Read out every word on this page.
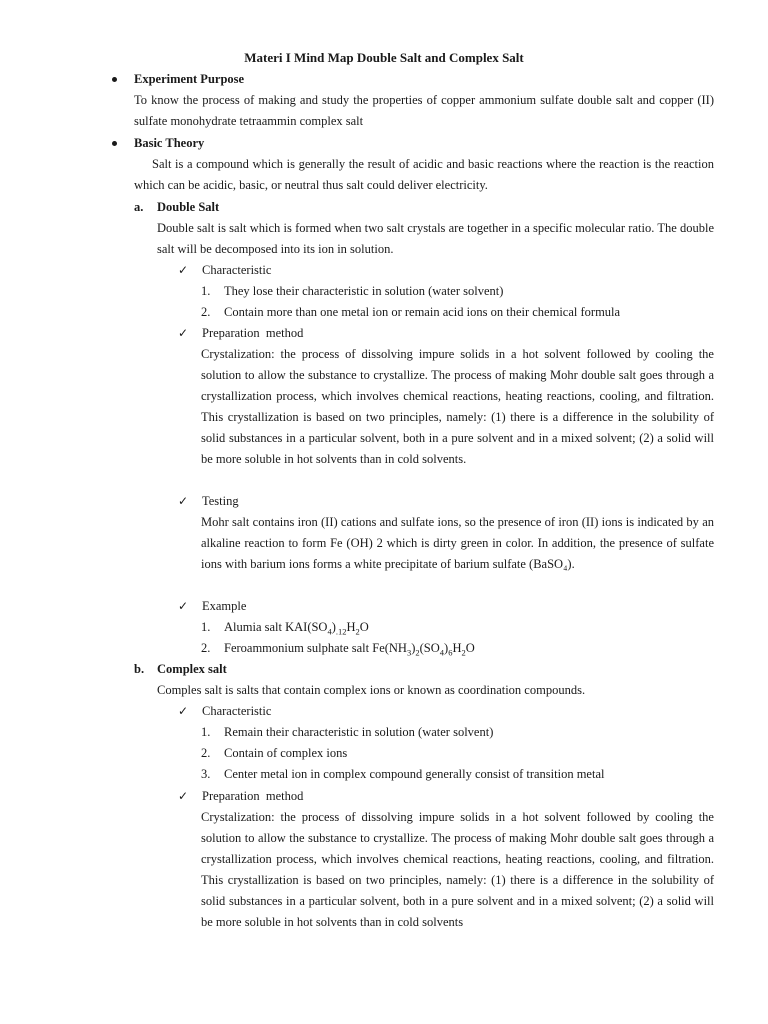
Materi I Mind Map Double Salt and Complex Salt
Experiment Purpose
To know the process of making and study the properties of copper ammonium sulfate double salt and copper (II) sulfate monohydrate tetraammin complex salt
Basic Theory
Salt is a compound which is generally the result of acidic and basic reactions where the reaction is the reaction which can be acidic, basic, or neutral thus salt could deliver electricity.
a. Double Salt
Double salt is salt which is formed when two salt crystals are together in a specific molecular ratio. The double salt will be decomposed into its ion in solution.
✓ Characteristic
1. They lose their characteristic in solution (water solvent)
2. Contain more than one metal ion or remain acid ions on their chemical formula
✓ Preparation  method
Crystalization: the process of dissolving impure solids in a hot solvent followed by cooling the solution to allow the substance to crystallize. The process of making Mohr double salt goes through a crystallization process, which involves chemical reactions, heating reactions, cooling, and filtration. This crystallization is based on two principles, namely: (1) there is a difference in the solubility of solid substances in a particular solvent, both in a pure solvent and in a mixed solvent; (2) a solid will be more soluble in hot solvents than in cold solvents.
✓ Testing
Mohr salt contains iron (II) cations and sulfate ions, so the presence of iron (II) ions is indicated by an alkaline reaction to form Fe (OH) 2 which is dirty green in color. In addition, the presence of sulfate ions with barium ions forms a white precipitate of barium sulfate (BaSO₄).
✓ Example
1. Alumia salt $KAI(SO_4)_{.12}H_2O$
2. Feroammonium sulphate salt $Fe(NH_3)_2(SO_4)_6H_2O$
b. Complex salt
Comples salt is salts that contain complex ions or known as coordination compounds.
✓ Characteristic
1. Remain their characteristic in solution (water solvent)
2. Contain of complex ions
3. Center metal ion in complex compound generally consist of transition metal
✓ Preparation  method
Crystalization: the process of dissolving impure solids in a hot solvent followed by cooling the solution to allow the substance to crystallize. The process of making Mohr double salt goes through a crystallization process, which involves chemical reactions, heating reactions, cooling, and filtration. This crystallization is based on two principles, namely: (1) there is a difference in the solubility of solid substances in a particular solvent, both in a pure solvent and in a mixed solvent; (2) a solid will be more soluble in hot solvents than in cold solvents
